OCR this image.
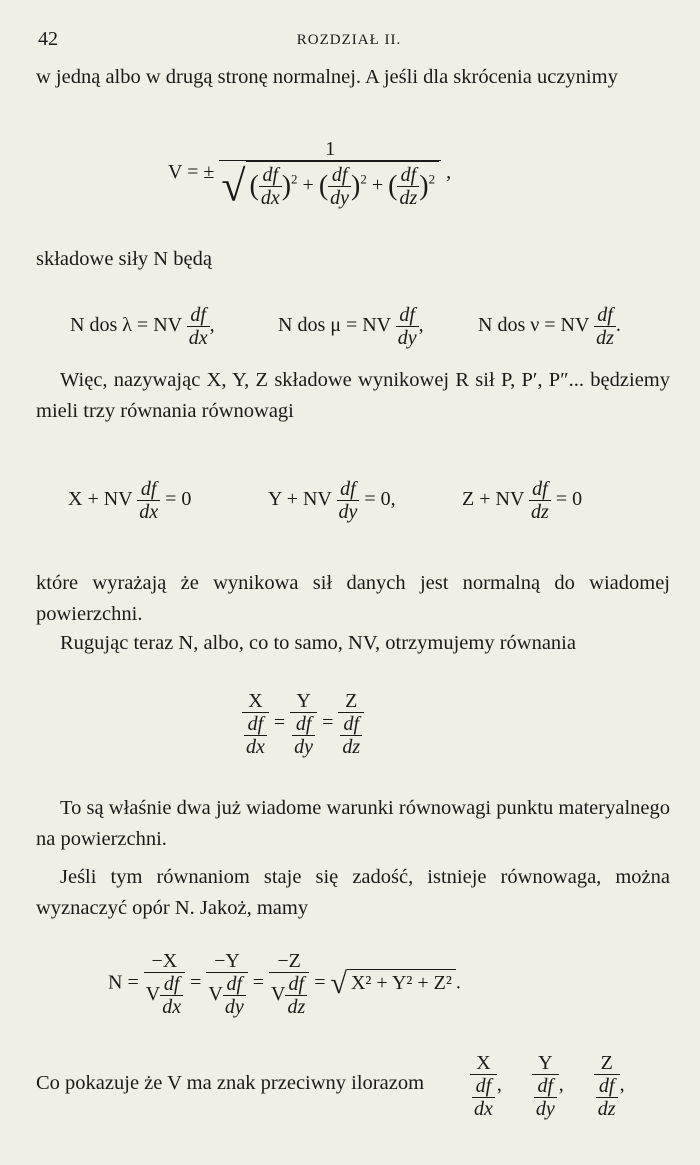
42	ROZDZIAŁ II.
w jedną albo w drugą stronę normalnej. A jeśli dla skrócenia uczynimy
V = ±
1
√ ( $\frac{df}{dx} )^2$ + ( $\frac{df}{dy} )^2$ + ( $\frac{df}{dz} )^2$ ,
składowe siły N będą
N dos λ = NV $\frac{df}{dx}$ ,	N dos μ = NV $\frac{df}{dy}$ ,	N dos ν = NV $\frac{df}{dz}$ .
Więc, nazywając X, Y, Z składowe wynikowej R sił P, P′, P″... będziemy mieli trzy równania równowagi
X + NV $\frac{df}{dx} = 0$	Y + NV $\frac{df}{dy} = 0$,	Z + NV $\frac{df}{dz} = 0$
które wyrażają że wynikowa sił danych jest normalną do wiadomej powierzchni.
Rugując teraz N, albo, co to samo, NV, otrzymujemy równania
X
df
dx = Y
df
dy = Z
df
dz
To są właśnie dwa już wiadome warunki równowagi punktu materyalnego na powierzchni.
Jeśli tym równaniom staje się zadość, istnieje równowaga, można wyznaczyć opór N. Jakoż, mamy
$N = \frac{-X}{V \frac{df}{dx}} = \frac{-Y}{V \frac{df}{dy}} = \frac{-Z}{V \frac{df}{dz}}$ = √ X² + Y² + Z² .
Co pokazuje że V ma znak przeciwny ilorazom	X
df
dx , Y
df
dy , Z
df
dz ,
